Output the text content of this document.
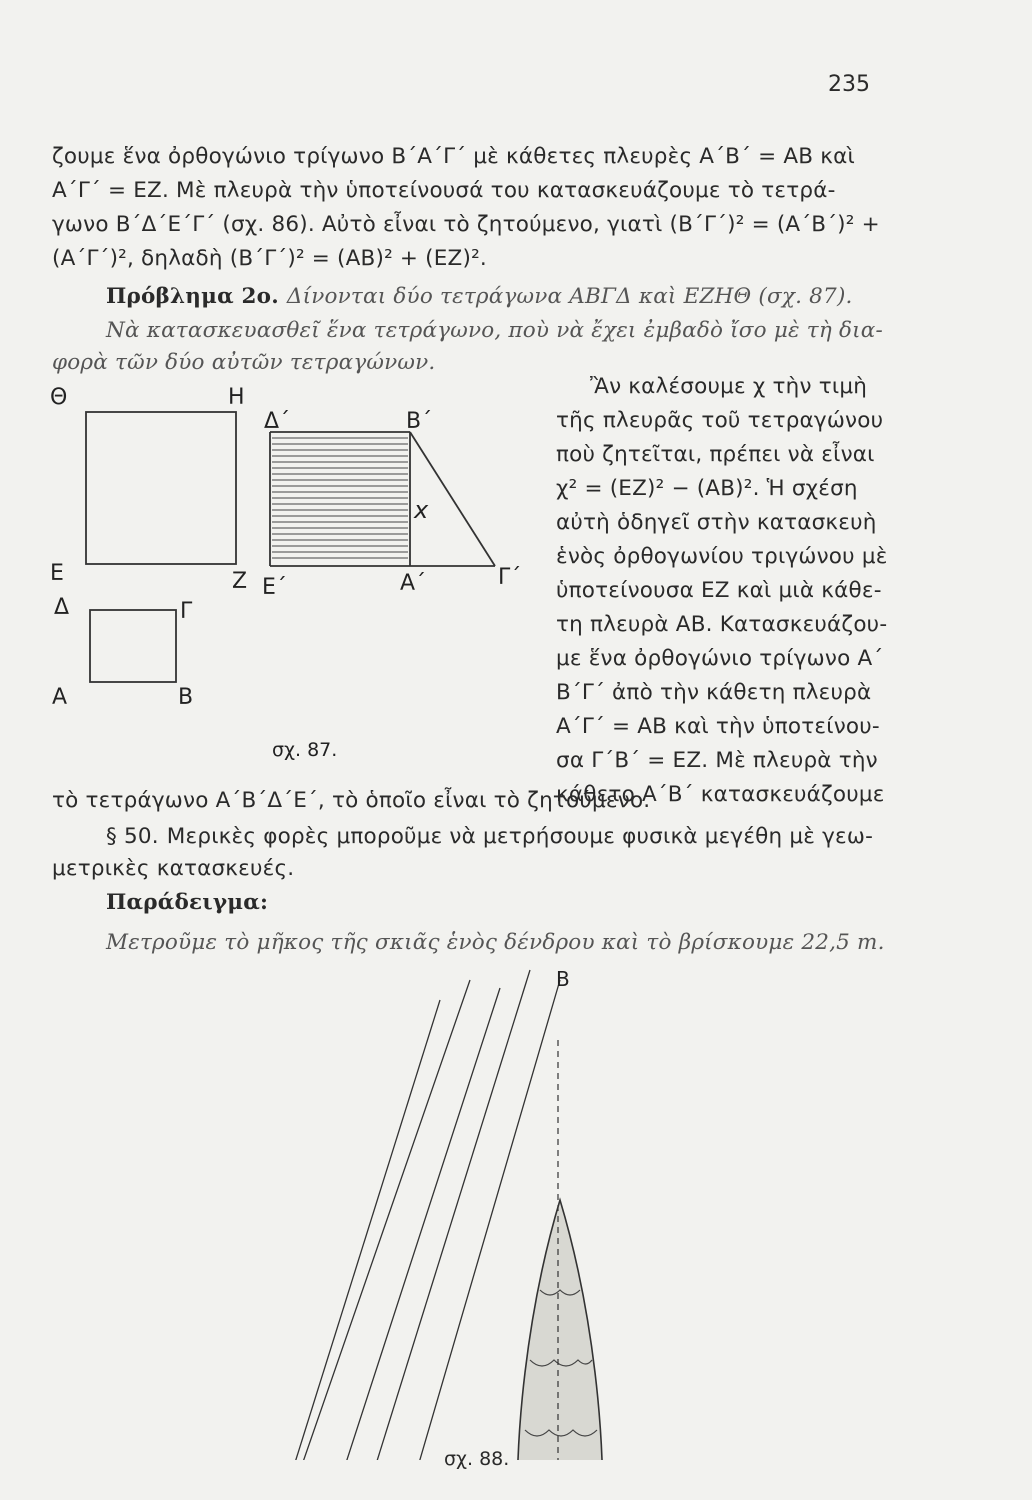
235
ζουμε ἕνα ὀρθογώνιο τρίγωνο Β΄Α΄Γ΄ μὲ κάθετες πλευρὲς Α΄Β΄ = ΑΒ καὶ
Α΄Γ΄ = ΕΖ. Μὲ πλευρὰ τὴν ὑποτείνουσά του κατασκευάζουμε τὸ τετρά-
γωνο Β΄Δ΄Ε΄Γ΄ (σχ. 86). Αὐτὸ εἶναι τὸ ζητούμενο, γιατὶ (Β΄Γ΄)² = (Α΄Β΄)² +
(Α΄Γ΄)², δηλαδὴ (Β΄Γ΄)² = (ΑΒ)² + (ΕΖ)².
Πρόβλημα 2ο. Δίνονται δύο τετράγωνα ΑΒΓΔ καὶ ΕΖΗΘ (σχ. 87).
Νὰ κατασκευασθεῖ ἕνα τετράγωνο, ποὺ νὰ ἔχει ἐμβαδὸ ἴσο μὲ τὴ δια-
φορὰ τῶν δύο αὐτῶν τετραγώνων.
Ἂν καλέσουμε χ τὴν τιμὴ
τῆς πλευρᾶς τοῦ τετραγώνου
ποὺ ζητεῖται, πρέπει νὰ εἶναι
χ² = (ΕΖ)² − (ΑΒ)². Ἡ σχέση
αὐτὴ ὁδηγεῖ στὴν κατασκευὴ
ἑνὸς ὀρθογωνίου τριγώνου μὲ
ὑποτείνουσα ΕΖ καὶ μιὰ κάθε-
τη πλευρὰ ΑΒ. Κατασκευάζου-
με ἕνα ὀρθογώνιο τρίγωνο Α΄
Β΄Γ΄ ἀπὸ τὴν κάθετη πλευρὰ
Α΄Γ΄ = ΑΒ καὶ τὴν ὑποτείνου-
σα Γ΄Β΄ = ΕΖ. Μὲ πλευρὰ τὴν
κάθετο Α΄Β΄ κατασκευάζουμε
Θ	Η
Ε	Ζ
Δ	Γ
Α	Β
Δ΄	Β΄
x
Ε΄	Α΄	Γ΄
σχ. 87.
τὸ τετράγωνο Α΄Β΄Δ΄Ε΄, τὸ ὁποῖο εἶναι τὸ ζητούμενο.
§ 50. Μερικὲς φορὲς μποροῦμε νὰ μετρήσουμε φυσικὰ μεγέθη μὲ γεω-
μετρικὲς κατασκευές.
Παράδειγμα:
Μετροῦμε τὸ μῆκος τῆς σκιᾶς ἑνὸς δένδρου καὶ τὸ βρίσκουμε 22,5 m.
Β
σχ. 88.
